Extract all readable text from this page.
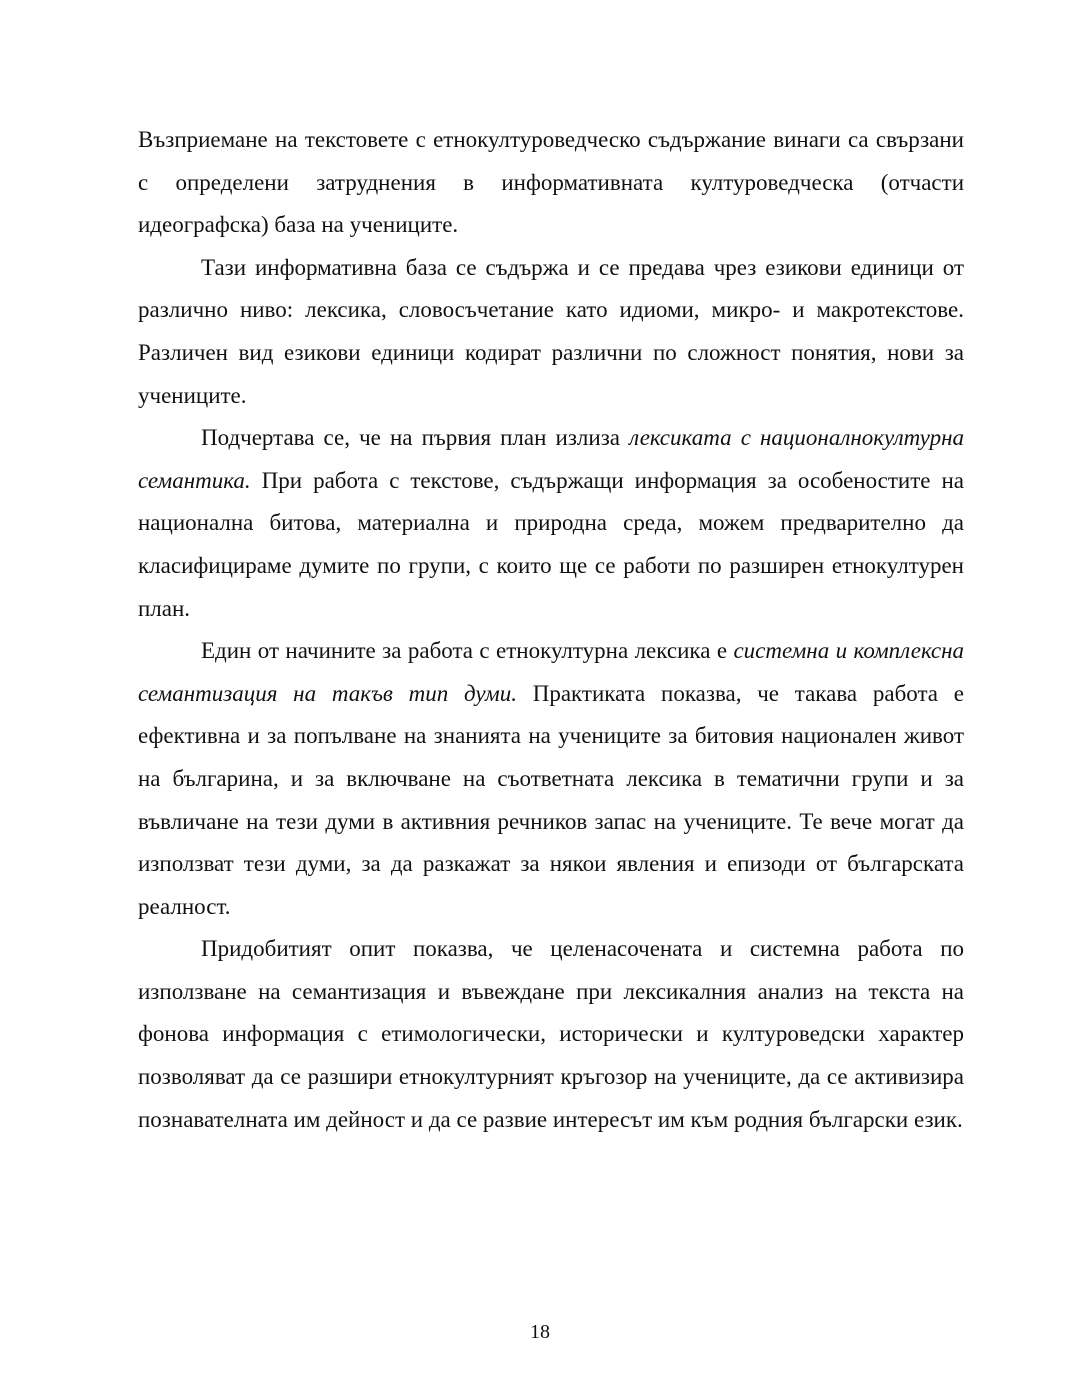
Възприемане на текстовете с етнокултуроведческо съдържание винаги са свързани с определени затруднения в информативната културоведческа (отчасти идеографска) база на учениците.

Тази информативна база се съдържа и се предава чрез езикови единици от различно ниво: лексика, словосъчетание като идиоми, микро- и макротекстове. Различен вид езикови единици кодират различни по сложност понятия, нови за учениците.

Подчертава се, че на първия план излиза лексиката с националнокултурна семантика. При работа с текстове, съдържащи информация за особеностите на национална битова, материална и природна среда, можем предварително да класифицираме думите по групи, с които ще се работи по разширен етнокултурен план.

Един от начините за работа с етнокултурна лексика е системна и комплексна семантизация на такъв тип думи. Практиката показва, че такава работа е ефективна и за попълване на знанията на учениците за битовия национален живот на българина, и за включване на съответната лексика в тематични групи и за въвличане на тези думи в активния речников запас на учениците. Те вече могат да използват тези думи, за да разкажат за някои явления и епизоди от българската реалност.

Придобитият опит показва, че целенасочената и системна работа по използване на семантизация и въвеждане при лексикалния анализ на текста на фонова информация с етимологически, исторически и културоведски характер позволяват да се разшири етнокултурният кръгозор на учениците, да се активизира познавателната им дейност и да се развие интересът им към родния български език.

18
